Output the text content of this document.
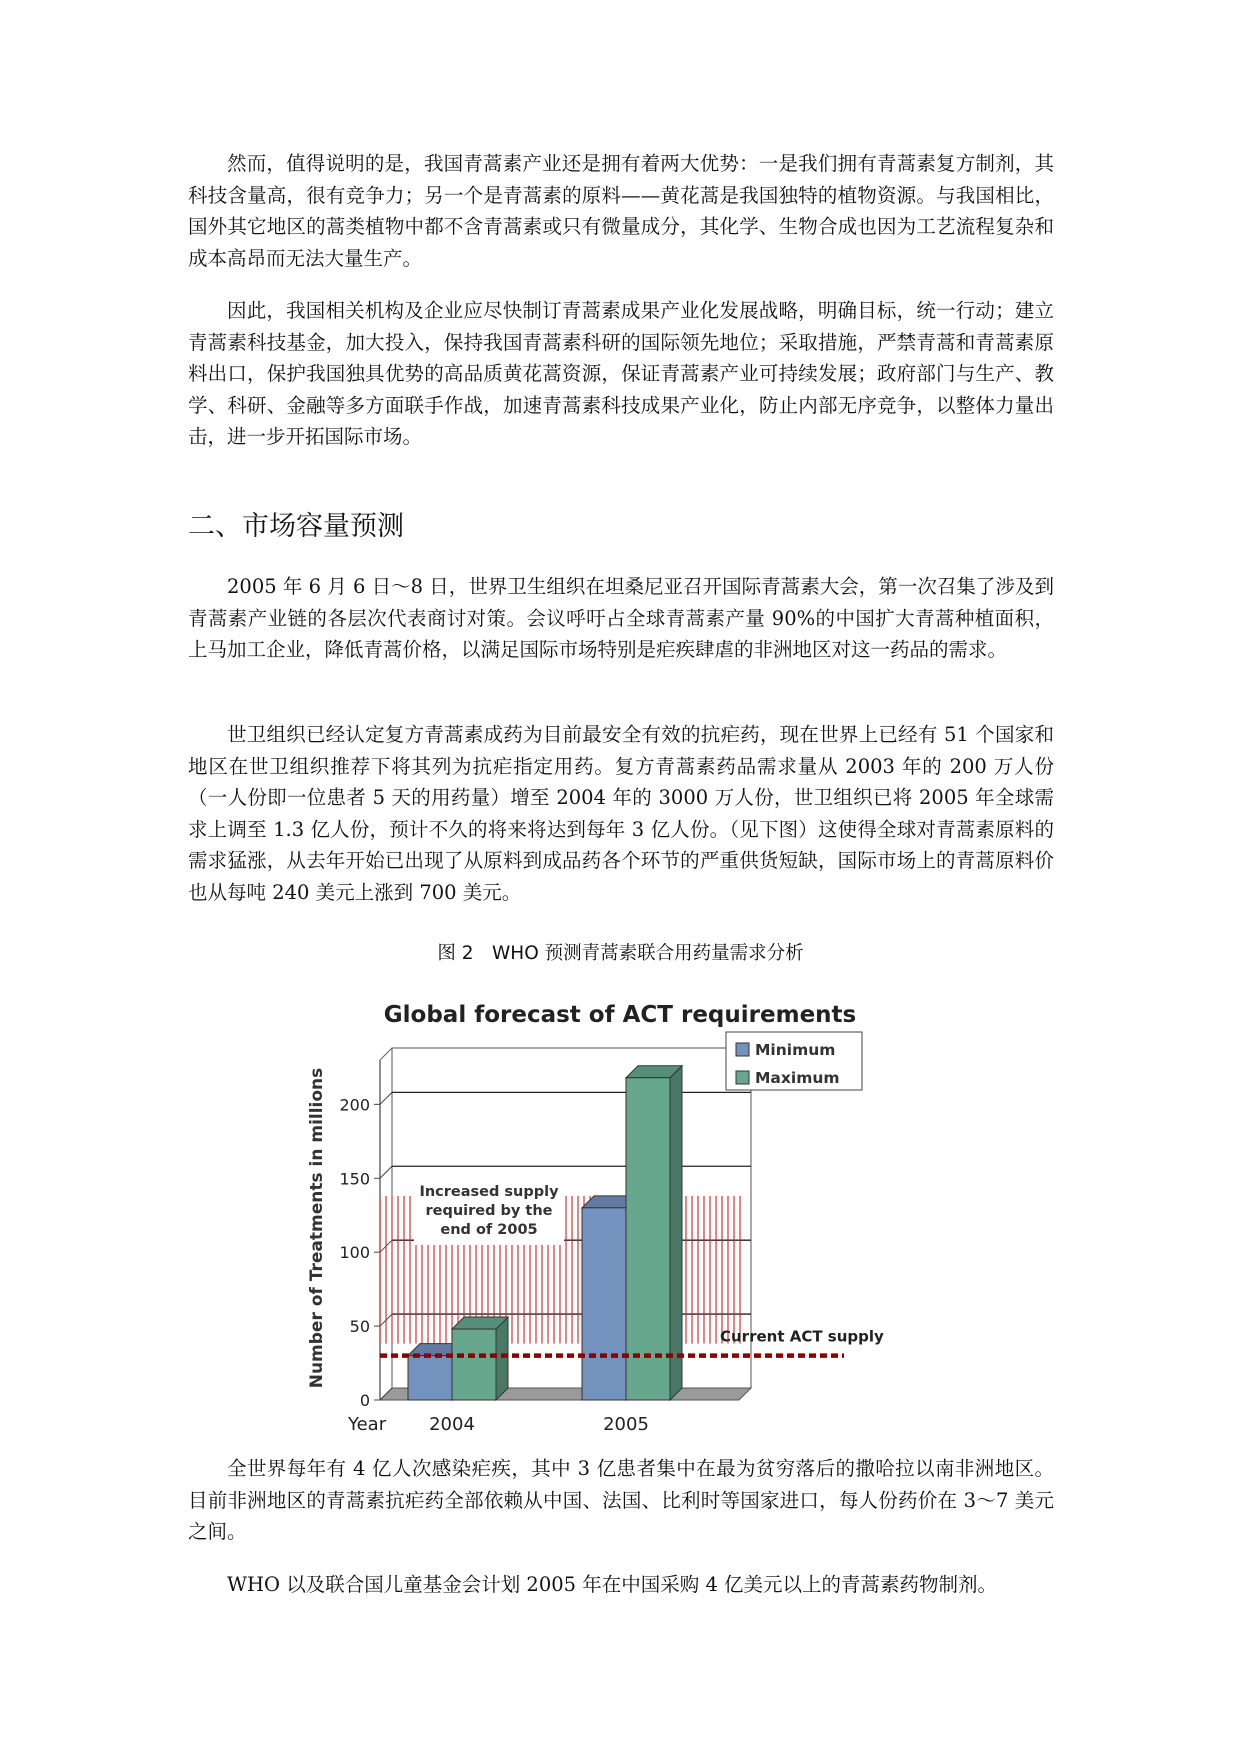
然而，值得说明的是，我国青蒿素产业还是拥有着两大优势：一是我们拥有青蒿素复方制剂，其科技含量高，很有竞争力；另一个是青蒿素的原料——黄花蒿是我国独特的植物资源。与我国相比，国外其它地区的蒿类植物中都不含青蒿素或只有微量成分，其化学、生物合成也因为工艺流程复杂和成本高昂而无法大量生产。

因此，我国相关机构及企业应尽快制订青蒿素成果产业化发展战略，明确目标，统一行动；建立青蒿素科技基金，加大投入，保持我国青蒿素科研的国际领先地位；采取措施，严禁青蒿和青蒿素原料出口，保护我国独具优势的高品质黄花蒿资源，保证青蒿素产业可持续发展；政府部门与生产、教学、科研、金融等多方面联手作战，加速青蒿素科技成果产业化，防止内部无序竞争，以整体力量出击，进一步开拓国际市场。

二、市场容量预测

2005 年 6 月 6 日～8 日，世界卫生组织在坦桑尼亚召开国际青蒿素大会，第一次召集了涉及到青蒿素产业链的各层次代表商讨对策。会议呼吁占全球青蒿素产量 90%的中国扩大青蒿种植面积，上马加工企业，降低青蒿价格，以满足国际市场特别是疟疾肆虐的非洲地区对这一药品的需求。

世卫组织已经认定复方青蒿素成药为目前最安全有效的抗疟药，现在世界上已经有 51 个国家和地区在世卫组织推荐下将其列为抗疟指定用药。复方青蒿素药品需求量从 2003 年的 200 万人份（一人份即一位患者 5 天的用药量）增至 2004 年的 3000 万人份，世卫组织已将 2005 年全球需求上调至 1.3 亿人份，预计不久的将来将达到每年 3 亿人份。（见下图）这使得全球对青蒿素原料的需求猛涨，从去年开始已出现了从原料到成品药各个环节的严重供货短缺，国际市场上的青蒿原料价也从每吨 240 美元上涨到 700 美元。

图 2　WHO 预测青蒿素联合用药量需求分析

Global forecast of ACT requirements
0
50
100
150
200
Number of Treatments in millions
2004	2005
Year
Increased supply
required by the
end of 2005
Current ACT supply
Minimum
Maximum

全世界每年有 4 亿人次感染疟疾，其中 3 亿患者集中在最为贫穷落后的撒哈拉以南非洲地区。目前非洲地区的青蒿素抗疟药全部依赖从中国、法国、比利时等国家进口，每人份药价在 3～7 美元之间。

WHO 以及联合国儿童基金会计划 2005 年在中国采购 4 亿美元以上的青蒿素药物制剂。
